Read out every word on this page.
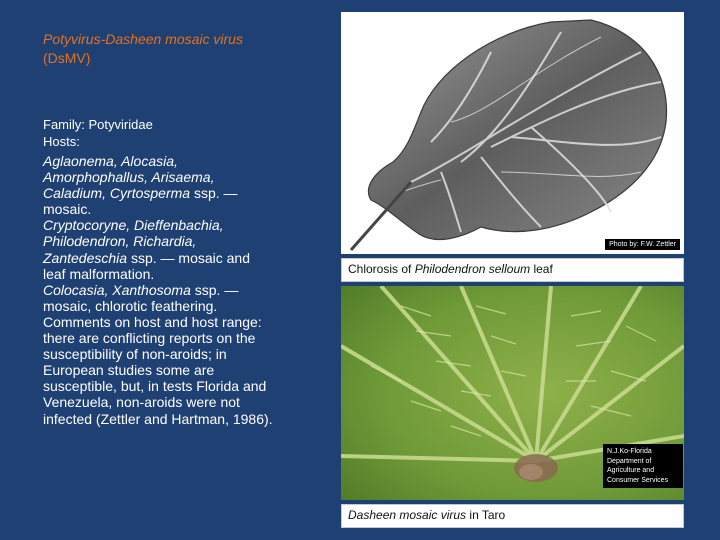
Potyvirus-Dasheen mosaic virus (DsMV)
Family: Potyviridae
Hosts:

Aglaonema, Alocasia, Amorphophallus, Arisaema, Caladium, Cyrtosperma ssp. — mosaic.

Cryptocoryne, Dieffenbachia, Philodendron, Richardia, Zantedeschia ssp. — mosaic and leaf malformation.

Colocasia, Xanthosoma ssp. — mosaic, chlorotic feathering. Comments on host and host range: there are conflicting reports on the susceptibility of non-aroids; in European studies some are susceptible, but, in tests Florida and Venezuela, non-aroids were not infected (Zettler and Hartman, 1986).

Photo by: F.W. Zettler
Chlorosis of Philodendron selloum leaf
N.J.Ko-Florida Department of Agriculture and Consumer Services
Dasheen mosaic virus in Taro
